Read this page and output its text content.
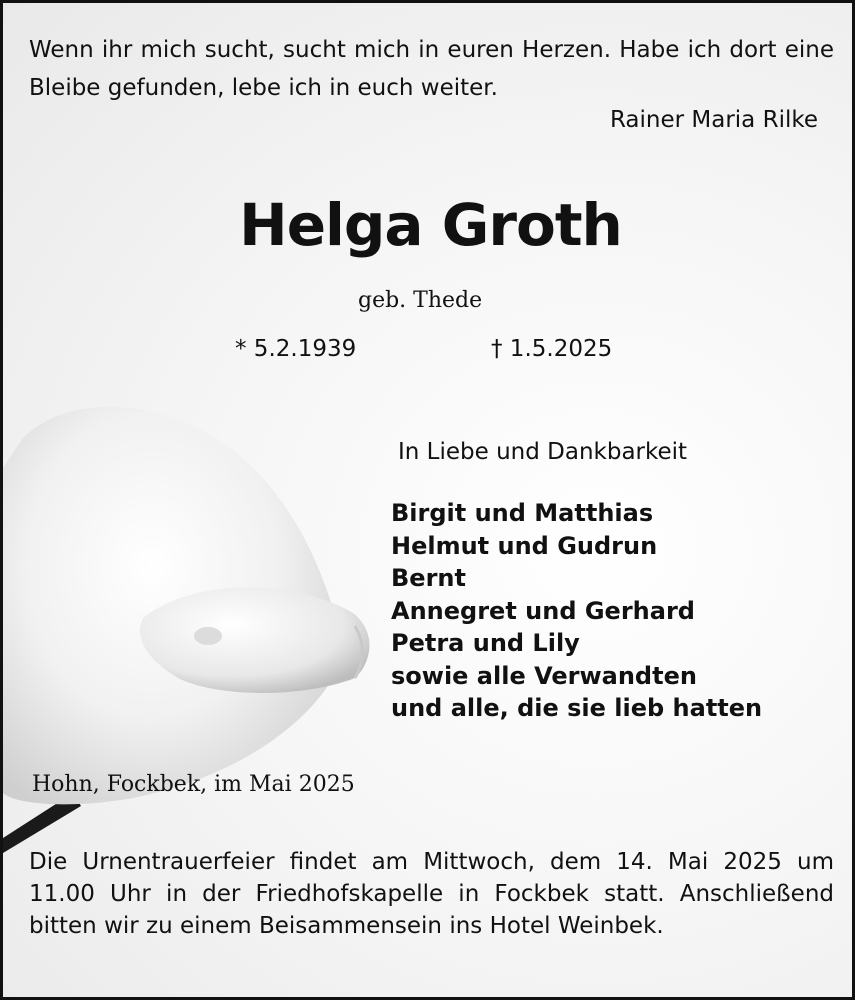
Wenn ihr mich sucht, sucht mich in euren Herzen. Habe ich dort eine Bleibe gefunden, lebe ich in euch weiter.
Rainer Maria Rilke
Helga Groth
geb. Thede
* 5.2.1939	† 1.5.2025
In Liebe und Dankbarkeit
Birgit und Matthias
Helmut und Gudrun
Bernt
Annegret und Gerhard
Petra und Lily
sowie alle Verwandten
und alle, die sie lieb hatten
Hohn, Fockbek, im Mai 2025
Die Urnentrauerfeier findet am Mittwoch, dem 14. Mai 2025 um 11.00 Uhr in der Friedhofskapelle in Fockbek statt. Anschließend bitten wir zu einem Beisammensein ins Hotel Weinbek.
